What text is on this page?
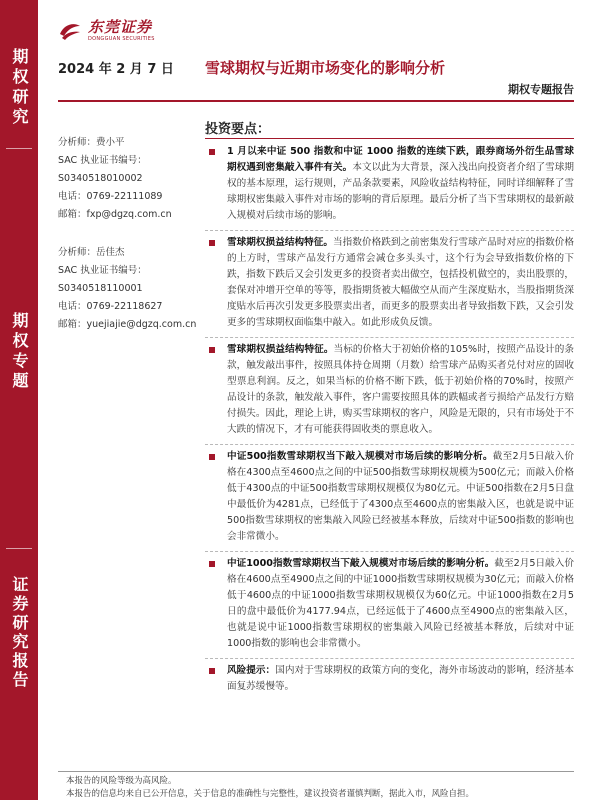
期权研究
期权专题
证券研究报告
东莞证券
DONGGUAN SECURITIES
2024 年 2 月 7 日 雪球期权与近期市场变化的影响分析
期权专题报告
分析师：费小平
SAC 执业证书编号：
S0340518010002
电话：0769-22111089
邮箱：fxp@dgzq.com.cn
分析师：岳佳杰
SAC 执业证书编号：
S0340518110001
电话：0769-22118627
邮箱：yuejiajie@dgzq.com.cn
投资要点：
1 月以来中证 500 指数和中证 1000 指数的连续下跌，跟券商场外衍生品雪球期权遇到密集敲入事件有关。本文以此为大背景，深入浅出向投资者介绍了雪球期权的基本原理，运行规则，产品条款要素，风险收益结构特征，同时详细解释了雪球期权密集敲入事件对市场的影响的背后原理。最后分析了当下雪球期权的最新敲入规模对后续市场的影响。
雪球期权损益结构特征。当指数价格跌到之前密集发行雪球产品时对应的指数价格的上方时，雪球产品发行方通常会减仓多头头寸，这个行为会导致指数价格的下跌，指数下跌后又会引发更多的投资者卖出做空，包括投机做空的，卖出股票的，套保对冲增开空单的等等，股指期货被大幅做空从而产生深度贴水，当股指期货深度贴水后再次引发更多股票卖出者，而更多的股票卖出者导致指数下跌，又会引发更多的雪球期权面临集中敲入。如此形成负反馈。
雪球期权损益结构特征。当标的价格大于初始价格的105%时，按照产品设计的条款，触发敲出事件，按照具体持仓周期（月数）给雪球产品购买者兑付对应的固收型票息利润。反之，如果当标的价格不断下跌，低于初始价格的70%时，按照产品设计的条款，触发敲入事件，客户需要按照具体的跌幅或者亏损给产品发行方赔付损失。因此，理论上讲，购买雪球期权的客户，风险是无限的，只有市场处于不大跌的情况下，才有可能获得固收类的票息收入。
中证500指数雪球期权当下敲入规模对市场后续的影响分析。截至2月5日敲入价格在4300点至4600点之间的中证500指数雪球期权规模为500亿元；而敲入价格低于4300点的中证500指数雪球期权规模仅为80亿元。中证500指数在2月5日盘中最低价为4281点，已经低于了4300点至4600点的密集敲入区，也就是说中证500指数雪球期权的密集敲入风险已经被基本释放，后续对中证500指数的影响也会非常微小。
中证1000指数雪球期权当下敲入规模对市场后续的影响分析。截至2月5日敲入价格在4600点至4900点之间的中证1000指数雪球期权规模为30亿元；而敲入价格低于4600点的中证1000指数雪球期权规模仅为60亿元。中证1000指数在2月5日的盘中最低价为4177.94点，已经远低于了4600点至4900点的密集敲入区，也就是说中证1000指数雪球期权的密集敲入风险已经被基本释放，后续对中证1000指数的影响也会非常微小。
风险提示：国内对于雪球期权的政策方向的变化，海外市场波动的影响，经济基本面复苏缓慢等。
本报告的风险等级为高风险。
本报告的信息均来自已公开信息，关于信息的准确性与完整性，建议投资者谨慎判断，据此入市，风险自担。
